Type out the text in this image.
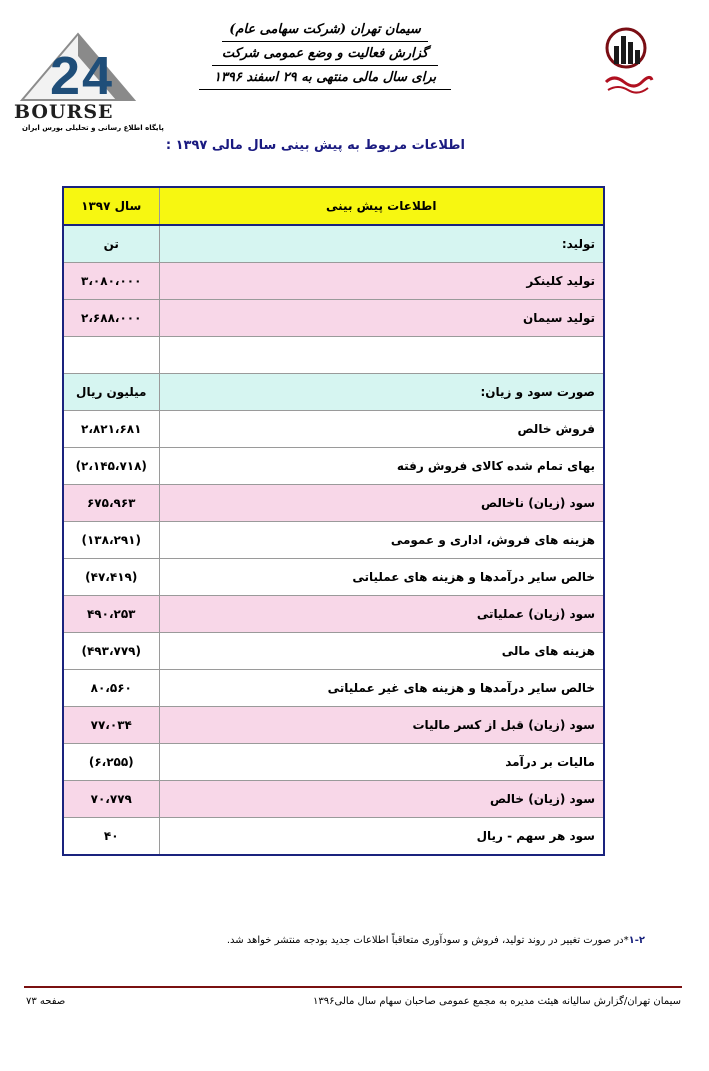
2 4
BOURSE
پایگاه اطلاع رسانی و تحلیلی بورس ایران
سیمان تهران (شرکت سهامی عام)
گزارش فعالیت و وضع عمومی شرکت
برای سال مالی منتهی به ۲۹ اسفند ۱۳۹۶
اطلاعات مربوط به پیش بینی سال مالی ۱۳۹۷ :
اطلاعات پیش بینی	سال ۱۳۹۷
تولید:	تن
تولید کلینکر	۳،۰۸۰،۰۰۰
تولید سیمان	۲،۶۸۸،۰۰۰

صورت سود و زیان:	میلیون ریال
فروش خالص	۲،۸۲۱،۶۸۱
بهای تمام شده کالای فروش رفته	(۲،۱۴۵،۷۱۸)
سود (زیان) ناخالص	۶۷۵،۹۶۳
هزینه های فروش، اداری و عمومی	(۱۳۸،۲۹۱)
خالص سایر درآمدها و هزینه های عملیاتی	(۴۷،۴۱۹)
سود (زیان) عملیاتی	۴۹۰،۲۵۳
هزینه های مالی	(۴۹۳،۷۷۹)
خالص سایر درآمدها و هزینه های غیر عملیاتی	۸۰،۵۶۰
سود (زیان) قبل از کسر مالیات	۷۷،۰۳۴
مالیات بر درآمد	(۶،۲۵۵)
سود (زیان) خالص	۷۰،۷۷۹
سود هر سهم - ریال	۴۰
۱-۲*در صورت تغییر در روند تولید، فروش و سودآوری متعاقباً اطلاعات جدید بودجه منتشر خواهد شد.
سیمان تهران/گزارش سالیانه هیئت مدیره به مجمع عمومی صاحبان سهام سال مالی۱۳۹۶
صفحه ۷۳
